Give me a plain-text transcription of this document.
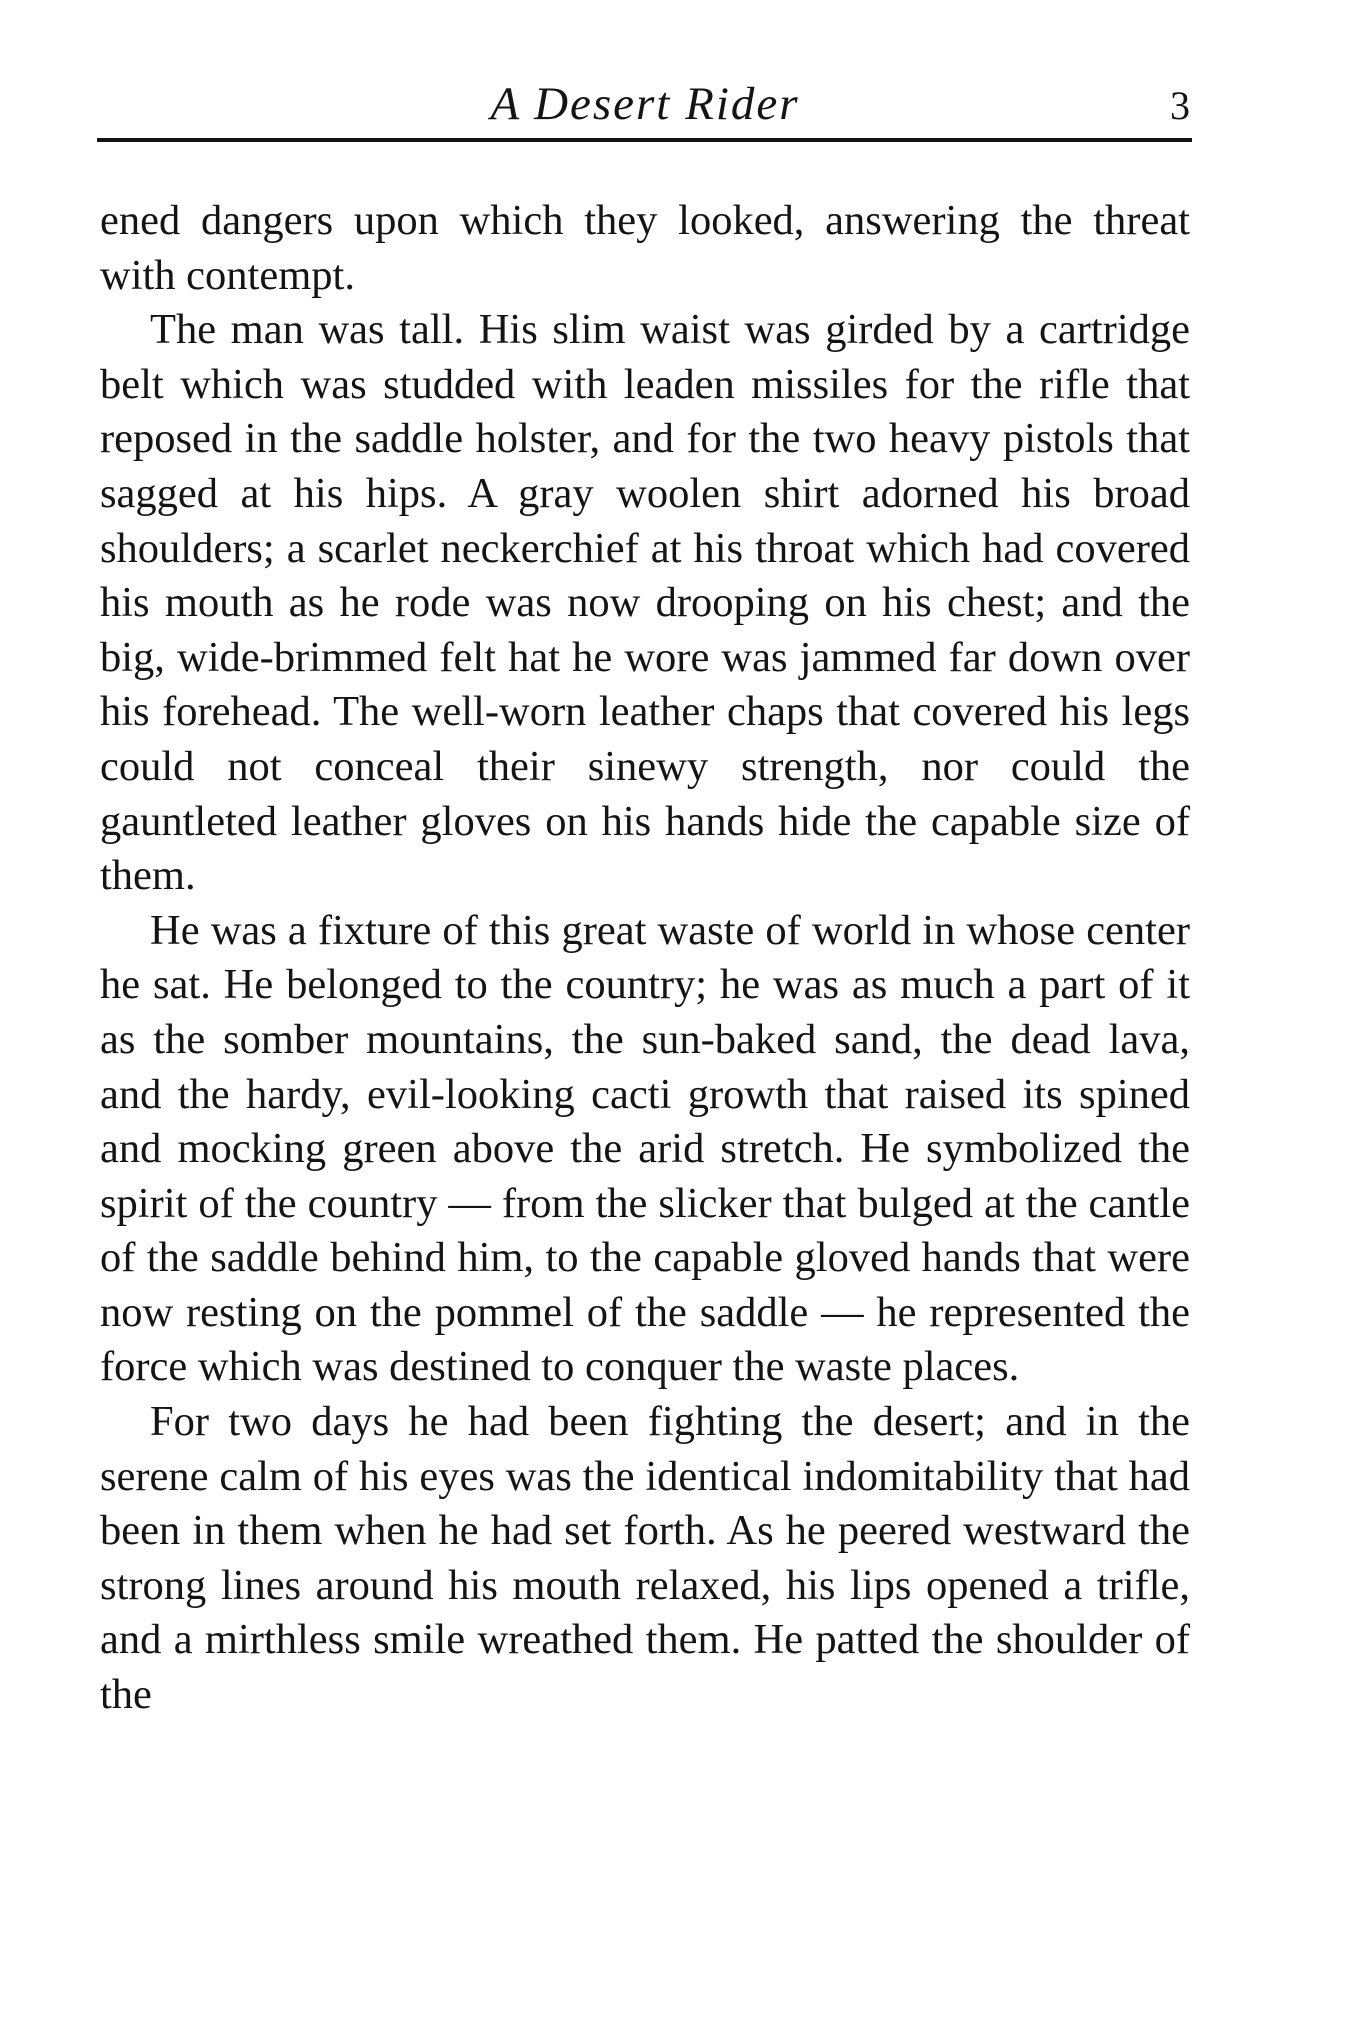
A Desert Rider	3

ened dangers upon which they looked, answering the threat with contempt.

The man was tall. His slim waist was girded by a cartridge belt which was studded with leaden missiles for the rifle that reposed in the saddle holster, and for the two heavy pistols that sagged at his hips. A gray woolen shirt adorned his broad shoulders; a scarlet neckerchief at his throat which had covered his mouth as he rode was now drooping on his chest; and the big, wide-brimmed felt hat he wore was jammed far down over his forehead. The well-worn leather chaps that covered his legs could not conceal their sinewy strength, nor could the gauntleted leather gloves on his hands hide the capable size of them.

He was a fixture of this great waste of world in whose center he sat. He belonged to the country; he was as much a part of it as the somber mountains, the sun-baked sand, the dead lava, and the hardy, evil-looking cacti growth that raised its spined and mocking green above the arid stretch. He symbolized the spirit of the country — from the slicker that bulged at the cantle of the saddle behind him, to the capable gloved hands that were now resting on the pommel of the saddle — he represented the force which was destined to conquer the waste places.

For two days he had been fighting the desert; and in the serene calm of his eyes was the identical indomitability that had been in them when he had set forth. As he peered westward the strong lines around his mouth relaxed, his lips opened a trifle, and a mirthless smile wreathed them. He patted the shoulder of the
